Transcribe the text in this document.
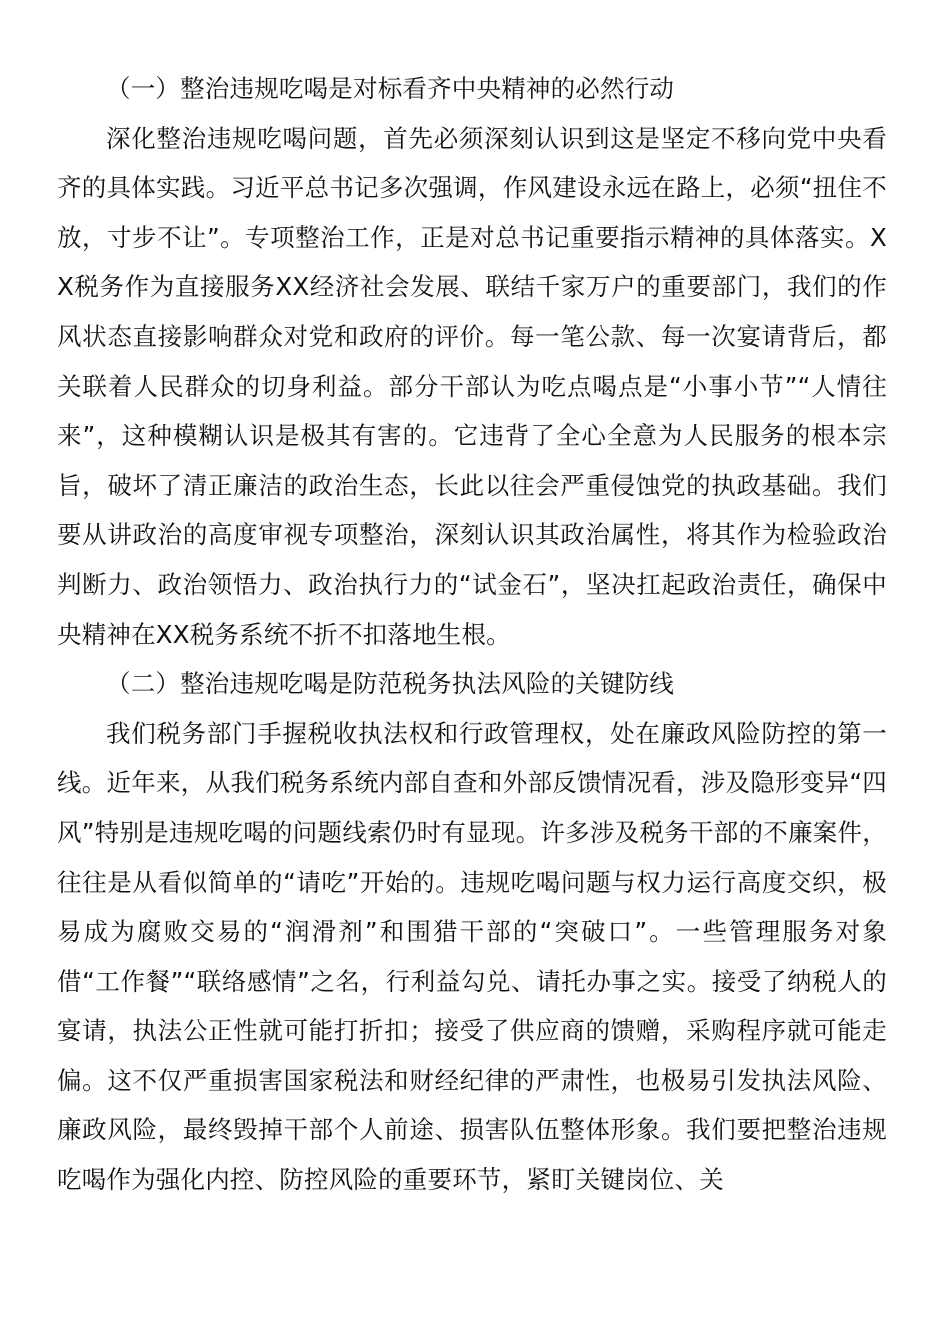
（一）整治违规吃喝是对标看齐中央精神的必然行动

深化整治违规吃喝问题，首先必须深刻认识到这是坚定不移向党中央看齐的具体实践。习近平总书记多次强调，作风建设永远在路上，必须“扭住不放，寸步不让”。专项整治工作，正是对总书记重要指示精神的具体落实。XX税务作为直接服务XX经济社会发展、联结千家万户的重要部门，我们的作风状态直接影响群众对党和政府的评价。每一笔公款、每一次宴请背后，都关联着人民群众的切身利益。部分干部认为吃点喝点是“小事小节”“人情往来”，这种模糊认识是极其有害的。它违背了全心全意为人民服务的根本宗旨，破坏了清正廉洁的政治生态，长此以往会严重侵蚀党的执政基础。我们要从讲政治的高度审视专项整治，深刻认识其政治属性，将其作为检验政治判断力、政治领悟力、政治执行力的“试金石”，坚决扛起政治责任，确保中央精神在XX税务系统不折不扣落地生根。

（二）整治违规吃喝是防范税务执法风险的关键防线

我们税务部门手握税收执法权和行政管理权，处在廉政风险防控的第一线。近年来，从我们税务系统内部自查和外部反馈情况看，涉及隐形变异“四风”特别是违规吃喝的问题线索仍时有显现。许多涉及税务干部的不廉案件，往往是从看似简单的“请吃”开始的。违规吃喝问题与权力运行高度交织，极易成为腐败交易的“润滑剂”和围猎干部的“突破口”。一些管理服务对象借“工作餐”“联络感情”之名，行利益勾兑、请托办事之实。接受了纳税人的宴请，执法公正性就可能打折扣；接受了供应商的馈赠，采购程序就可能走偏。这不仅严重损害国家税法和财经纪律的严肃性，也极易引发执法风险、廉政风险，最终毁掉干部个人前途、损害队伍整体形象。我们要把整治违规吃喝作为强化内控、防控风险的重要环节，紧盯关键岗位、关
